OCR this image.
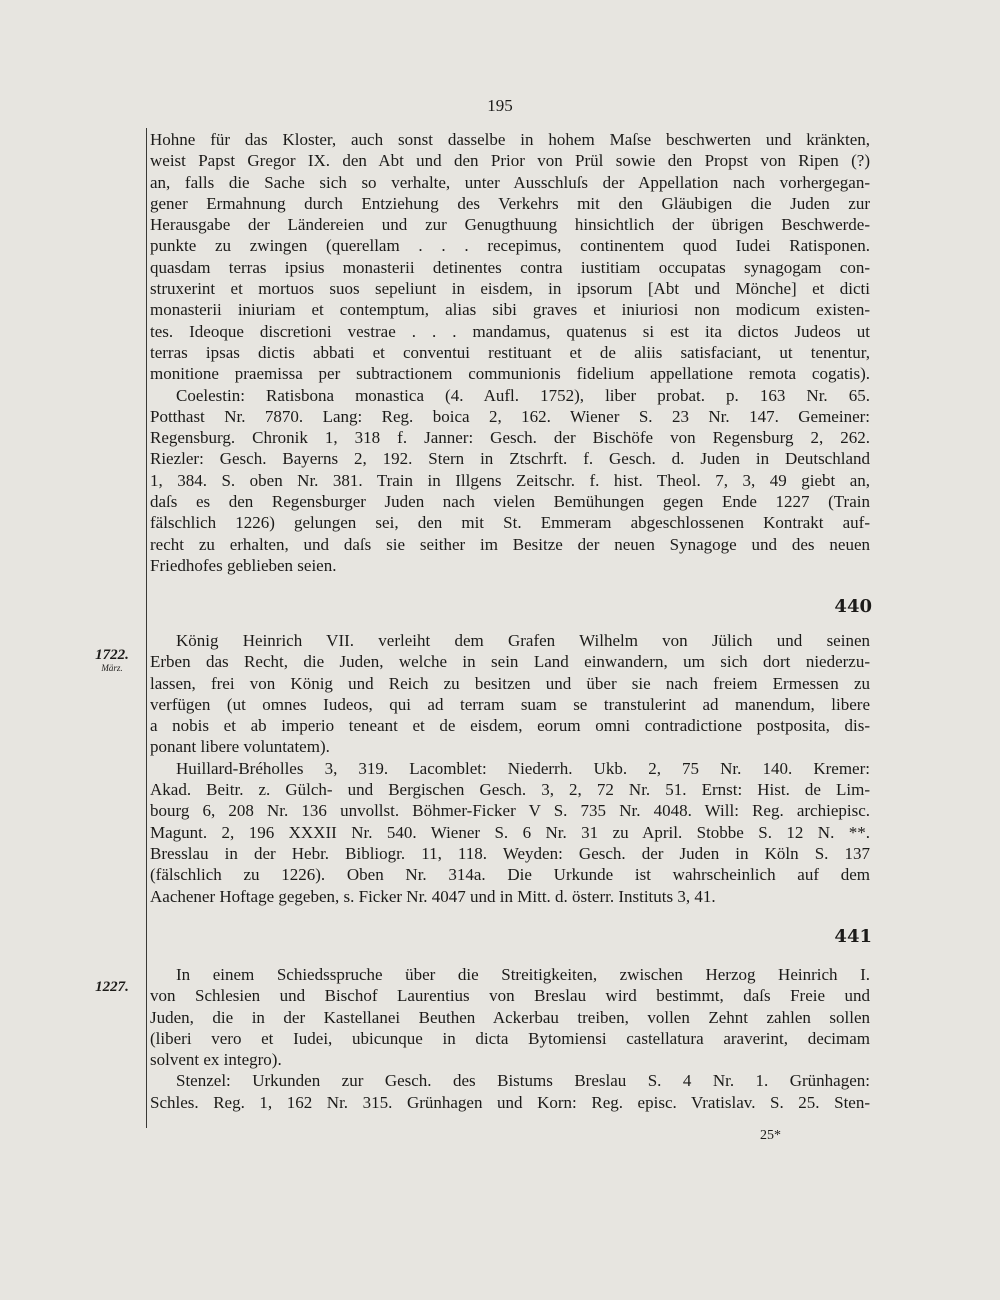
195
Hohne für das Kloster, auch sonst dasselbe in hohem Maſse beschwerten und kränkten,
weist Papst Gregor IX. den Abt und den Prior von Prül sowie den Propst von Ripen (?)
an, falls die Sache sich so verhalte, unter Ausschluſs der Appellation nach vorhergegan-
gener Ermahnung durch Entziehung des Verkehrs mit den Gläubigen die Juden zur
Herausgabe der Ländereien und zur Genugthuung hinsichtlich der übrigen Beschwerde-
punkte zu zwingen (querellam . . . recepimus, continentem quod Iudei Ratisponen.
quasdam terras ipsius monasterii detinentes contra iustitiam occupatas synagogam con-
struxerint et mortuos suos sepeliunt in eisdem, in ipsorum [Abt und Mönche] et dicti
monasterii iniuriam et contemptum, alias sibi graves et iniuriosi non modicum existen-
tes. Ideoque discretioni vestrae . . . mandamus, quatenus si est ita dictos Judeos ut
terras ipsas dictis abbati et conventui restituant et de aliis satisfaciant, ut tenentur,
monitione praemissa per subtractionem communionis fidelium appellatione remota cogatis).
Coelestin: Ratisbona monastica (4. Aufl. 1752), liber probat. p. 163 Nr. 65.
Potthast Nr. 7870. Lang: Reg. boica 2, 162. Wiener S. 23 Nr. 147. Gemeiner:
Regensburg. Chronik 1, 318 f. Janner: Gesch. der Bischöfe von Regensburg 2, 262.
Riezler: Gesch. Bayerns 2, 192. Stern in Ztschrft. f. Gesch. d. Juden in Deutschland
1, 384. S. oben Nr. 381. Train in Illgens Zeitschr. f. hist. Theol. 7, 3, 49 giebt an,
daſs es den Regensburger Juden nach vielen Bemühungen gegen Ende 1227 (Train
fälschlich 1226) gelungen sei, den mit St. Emmeram abgeschlossenen Kontrakt auf-
recht zu erhalten, und daſs sie seither im Besitze der neuen Synagoge und des neuen
Friedhofes geblieben seien.
440
1722.
März.
König Heinrich VII. verleiht dem Grafen Wilhelm von Jülich und seinen
Erben das Recht, die Juden, welche in sein Land einwandern, um sich dort niederzu-
lassen, frei von König und Reich zu besitzen und über sie nach freiem Ermessen zu
verfügen (ut omnes Iudeos, qui ad terram suam se transtulerint ad manendum, libere
a nobis et ab imperio teneant et de eisdem, eorum omni contradictione postposita, dis-
ponant libere voluntatem).
Huillard-Bréholles 3, 319. Lacomblet: Niederrh. Ukb. 2, 75 Nr. 140. Kremer:
Akad. Beitr. z. Gülch- und Bergischen Gesch. 3, 2, 72 Nr. 51. Ernst: Hist. de Lim-
bourg 6, 208 Nr. 136 unvollst. Böhmer-Ficker V S. 735 Nr. 4048. Will: Reg. archiepisc.
Magunt. 2, 196 XXXII Nr. 540. Wiener S. 6 Nr. 31 zu April. Stobbe S. 12 N. **.
Bresslau in der Hebr. Bibliogr. 11, 118. Weyden: Gesch. der Juden in Köln S. 137
(fälschlich zu 1226). Oben Nr. 314a. Die Urkunde ist wahrscheinlich auf dem
Aachener Hoftage gegeben, s. Ficker Nr. 4047 und in Mitt. d. österr. Instituts 3, 41.
441
1227.
In einem Schiedsspruche über die Streitigkeiten, zwischen Herzog Heinrich I.
von Schlesien und Bischof Laurentius von Breslau wird bestimmt, daſs Freie und
Juden, die in der Kastellanei Beuthen Ackerbau treiben, vollen Zehnt zahlen sollen
(liberi vero et Iudei, ubicunque in dicta Bytomiensi castellatura araverint, decimam
solvent ex integro).
Stenzel: Urkunden zur Gesch. des Bistums Breslau S. 4 Nr. 1. Grünhagen:
Schles. Reg. 1, 162 Nr. 315. Grünhagen und Korn: Reg. episc. Vratislav. S. 25. Sten-
25*
